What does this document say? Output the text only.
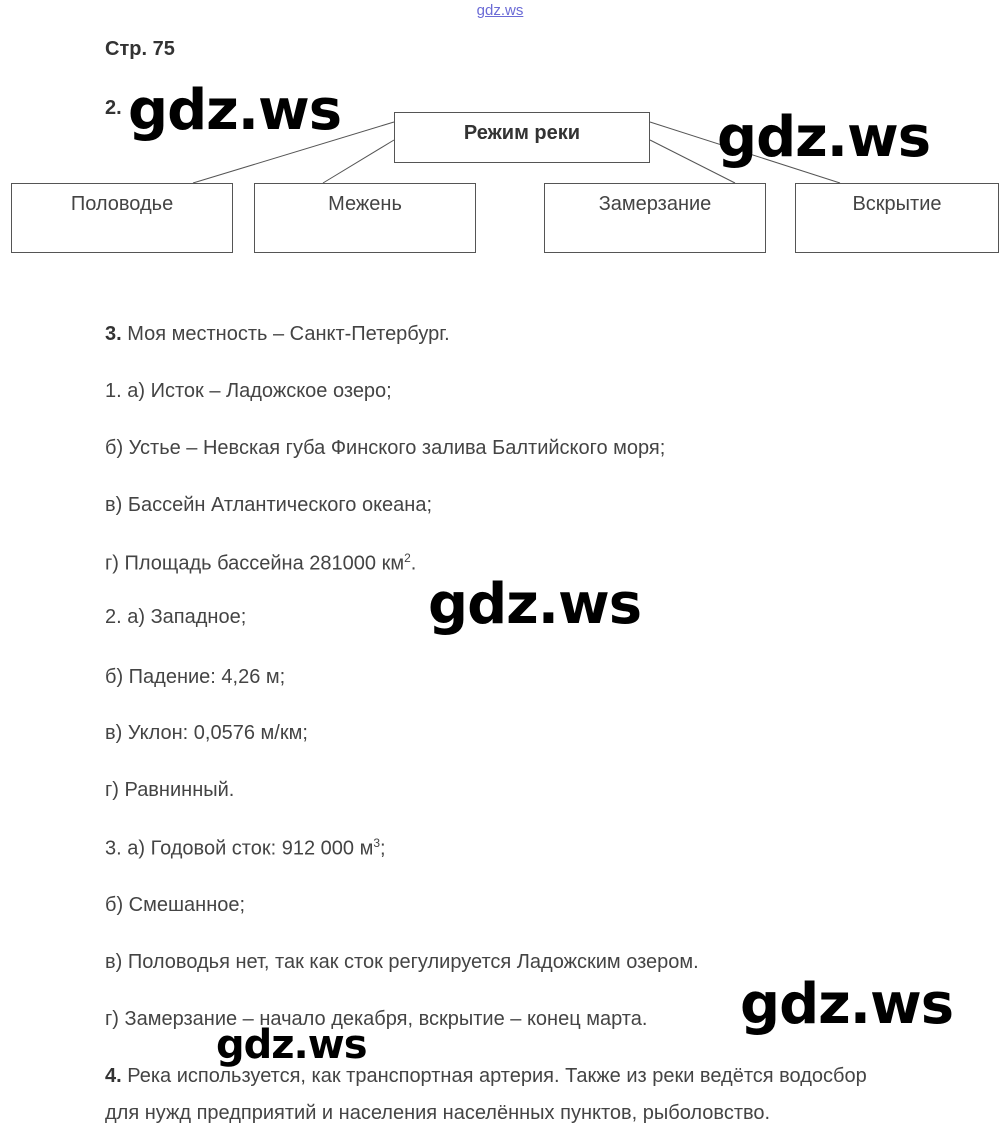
gdz.ws
Стр. 75
2.
Режим реки
Половодье	Межень	Замерзание	Вскрытие
3. Моя местность – Санкт-Петербург.
1. а) Исток – Ладожское озеро;
б) Устье – Невская губа Финского залива Балтийского моря;
в) Бассейн Атлантического океана;
г) Площадь бассейна 281000 $км^2$.
2. а) Западное;
б) Падение: 4,26 м;
в) Уклон: 0,0576 м/км;
г) Равнинный.
3. а) Годовой сток: 912 000 $м^3$;
б) Смешанное;
в) Половодья нет, так как сток регулируется Ладожским озером.
г) Замерзание – начало декабря, вскрытие – конец марта.
4. Река используется, как транспортная артерия. Также из реки ведётся водосбор
для нужд предприятий и населения населённых пунктов, рыболовство.
gdz.ws	gdz.ws
gdz.ws
gdz.ws
gdz.ws
